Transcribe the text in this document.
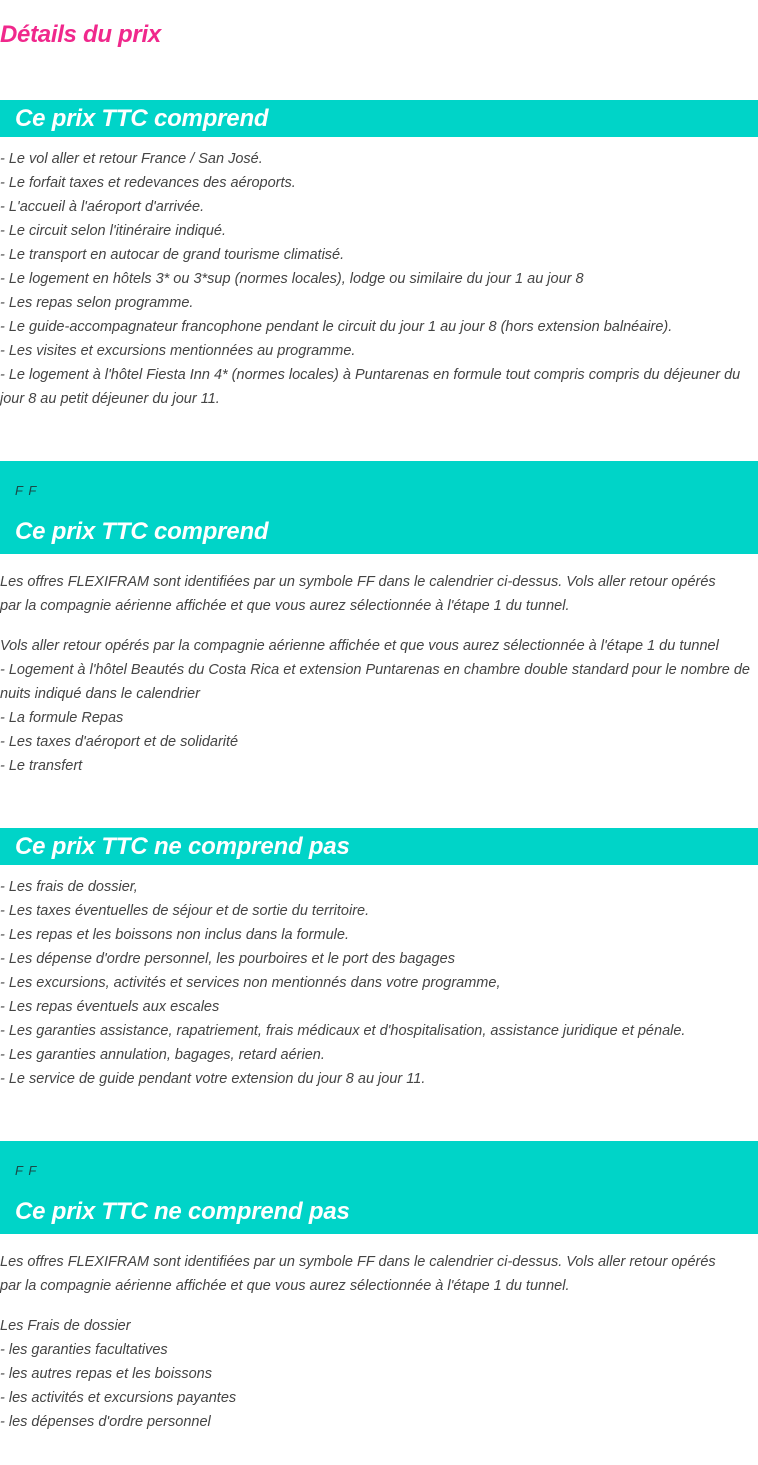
Détails du prix
Ce prix TTC comprend
- Le vol aller et retour France / San José.
- Le forfait taxes et redevances des aéroports.
- L'accueil à l'aéroport d'arrivée.
- Le circuit selon l'itinéraire indiqué.
- Le transport en autocar de grand tourisme climatisé.
- Le logement en hôtels 3* ou 3*sup (normes locales), lodge ou similaire du jour 1 au jour 8
- Les repas selon programme.
- Le guide-accompagnateur francophone pendant le circuit du jour 1 au jour 8 (hors extension balnéaire).
- Les visites et excursions mentionnées au programme.
- Le logement à l'hôtel Fiesta Inn 4* (normes locales) à Puntarenas en formule tout compris compris du déjeuner du jour 8 au petit déjeuner du jour 11.

F F

Ce prix TTC comprend

Les offres FLEXIFRAM sont identifiées par un symbole FF dans le calendrier ci-dessus. Vols aller retour opérés par la compagnie aérienne affichée et que vous aurez sélectionnée à l'étape 1 du tunnel.

Vols aller retour opérés par la compagnie aérienne affichée et que vous aurez sélectionnée à l'étape 1 du tunnel
- Logement à l'hôtel Beautés du Costa Rica et extension Puntarenas en chambre double standard pour le nombre de nuits indiqué dans le calendrier
- La formule Repas
- Les taxes d'aéroport et de solidarité
- Le transfert
Ce prix TTC ne comprend pas
- Les frais de dossier,
- Les taxes éventuelles de séjour et de sortie du territoire.
- Les repas et les boissons non inclus dans la formule.
- Les dépense d'ordre personnel, les pourboires et le port des bagages
- Les excursions, activités et services non mentionnés dans votre programme,
- Les repas éventuels aux escales
- Les garanties assistance, rapatriement, frais médicaux et d'hospitalisation, assistance juridique et pénale.
- Les garanties annulation, bagages, retard aérien.
- Le service de guide pendant votre extension du jour 8 au jour 11.

F F

Ce prix TTC ne comprend pas

Les offres FLEXIFRAM sont identifiées par un symbole FF dans le calendrier ci-dessus. Vols aller retour opérés par la compagnie aérienne affichée et que vous aurez sélectionnée à l'étape 1 du tunnel.

Les Frais de dossier
- les garanties facultatives
- les autres repas et les boissons
- les activités et excursions payantes
- les dépenses d'ordre personnel
